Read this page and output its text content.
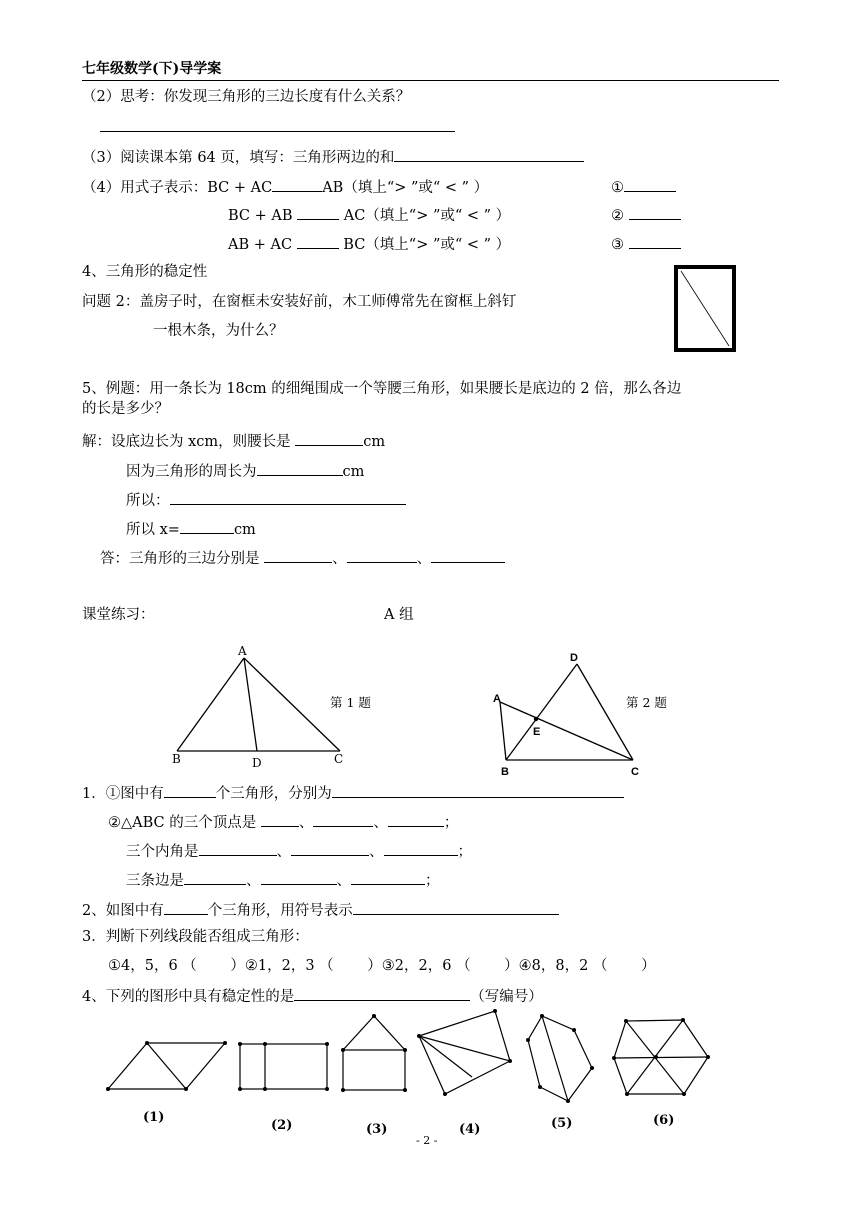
七年级数学(下)导学案
（2）思考：你发现三角形的三边长度有什么关系？
（3）阅读课本第 64 页，填写：三角形两边的和
（4）用式子表示：BC + AC	AB（填上“> ”或“ < ” ）	①
BC + AB	AC（填上“> ”或“ < ” ）	②
AB + AC	BC（填上“> ”或“ < ” ）	③
4、三角形的稳定性
问题 2：盖房子时，在窗框未安装好前，木工师傅常先在窗框上斜钉
一根木条，为什么？
A
B	D	C
D
A
E
B	C
(1)
(2)	(3)	(4)	(5)	(6)
5、例题：用一条长为 18cm 的细绳围成一个等腰三角形，如果腰长是底边的 2 倍，那么各边
的长是多少？
解：设底边长为 xcm，则腰长是	cm
因为三角形的周长为	cm
所以：
所以 x=	cm
答：三角形的三边分别是	、	、
课堂练习：	A 组
第 1 题	第 2 题
1．①图中有	个三角形，分别为
②△ABC 的三个顶点是	、	、	；
三个内角是	、	、	；
三条边是	、	、	；
2、如图中有	个三角形，用符号表示
3．判断下列线段能否组成三角形：
①4，5，6 （　　 ）②1，2，3 （　　 ）③2，2，6 （　　 ）④8，8，2 （　　 ）
4、下列的图形中具有稳定性的是	（写编号）
- 2 -
